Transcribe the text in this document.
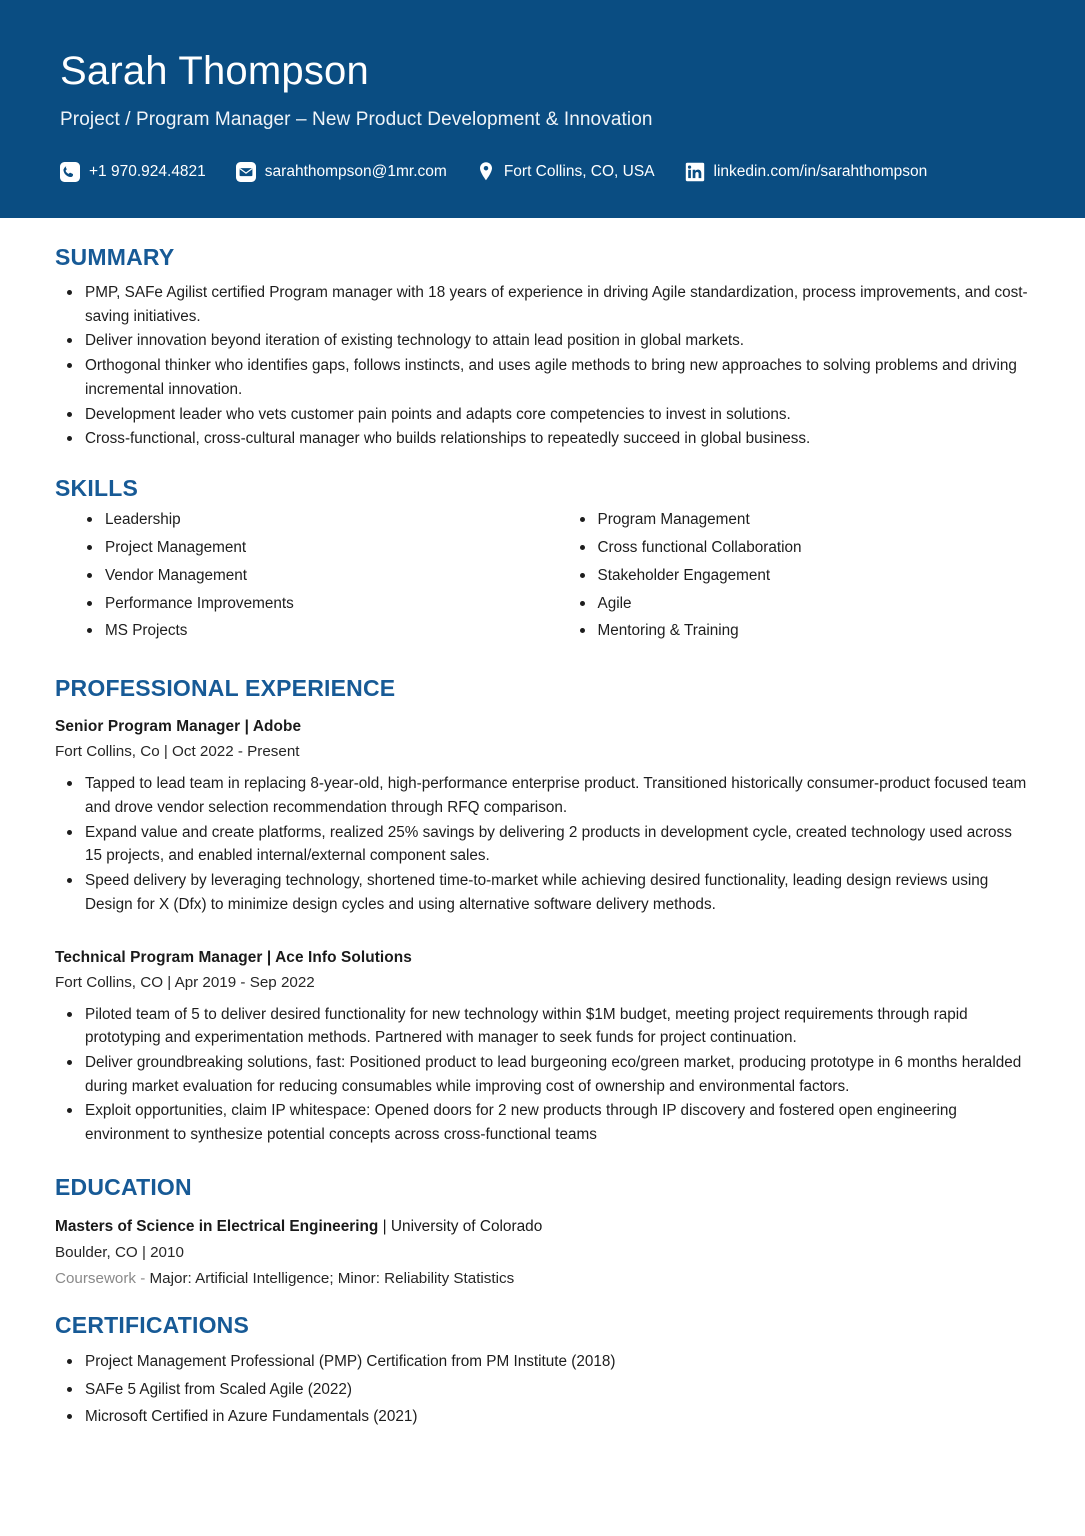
Sarah Thompson
Project / Program Manager – New Product Development & Innovation
+1 970.924.4821	sarahthompson@1mr.com	Fort Collins, CO, USA	linkedin.com/in/sarahthompson
SUMMARY
PMP, SAFe Agilist certified Program manager with 18 years of experience in driving Agile standardization, process improvements, and cost-saving initiatives.
Deliver innovation beyond iteration of existing technology to attain lead position in global markets.
Orthogonal thinker who identifies gaps, follows instincts, and uses agile methods to bring new approaches to solving problems and driving incremental innovation.
Development leader who vets customer pain points and adapts core competencies to invest in solutions.
Cross-functional, cross-cultural manager who builds relationships to repeatedly succeed in global business.
SKILLS
Leadership
Project Management
Vendor Management
Performance Improvements
MS Projects
Program Management
Cross functional Collaboration
Stakeholder Engagement
Agile
Mentoring & Training
PROFESSIONAL EXPERIENCE
Senior Program Manager | Adobe
Fort Collins, Co | Oct 2022 - Present
Tapped to lead team in replacing 8-year-old, high-performance enterprise product. Transitioned historically consumer-product focused team and drove vendor selection recommendation through RFQ comparison.
Expand value and create platforms, realized 25% savings by delivering 2 products in development cycle, created technology used across 15 projects, and enabled internal/external component sales.
Speed delivery by leveraging technology, shortened time-to-market while achieving desired functionality, leading design reviews using Design for X (Dfx) to minimize design cycles and using alternative software delivery methods.
Technical Program Manager | Ace Info Solutions
Fort Collins, CO | Apr 2019 - Sep 2022
Piloted team of 5 to deliver desired functionality for new technology within $1M budget, meeting project requirements through rapid prototyping and experimentation methods. Partnered with manager to seek funds for project continuation.
Deliver groundbreaking solutions, fast: Positioned product to lead burgeoning eco/green market, producing prototype in 6 months heralded during market evaluation for reducing consumables while improving cost of ownership and environmental factors.
Exploit opportunities, claim IP whitespace: Opened doors for 2 new products through IP discovery and fostered open engineering environment to synthesize potential concepts across cross-functional teams
EDUCATION
Masters of Science in Electrical Engineering | University of Colorado
Boulder, CO | 2010
Coursework - Major: Artificial Intelligence; Minor: Reliability Statistics
CERTIFICATIONS
Project Management Professional (PMP) Certification from PM Institute (2018)
SAFe 5 Agilist from Scaled Agile (2022)
Microsoft Certified in Azure Fundamentals (2021)
